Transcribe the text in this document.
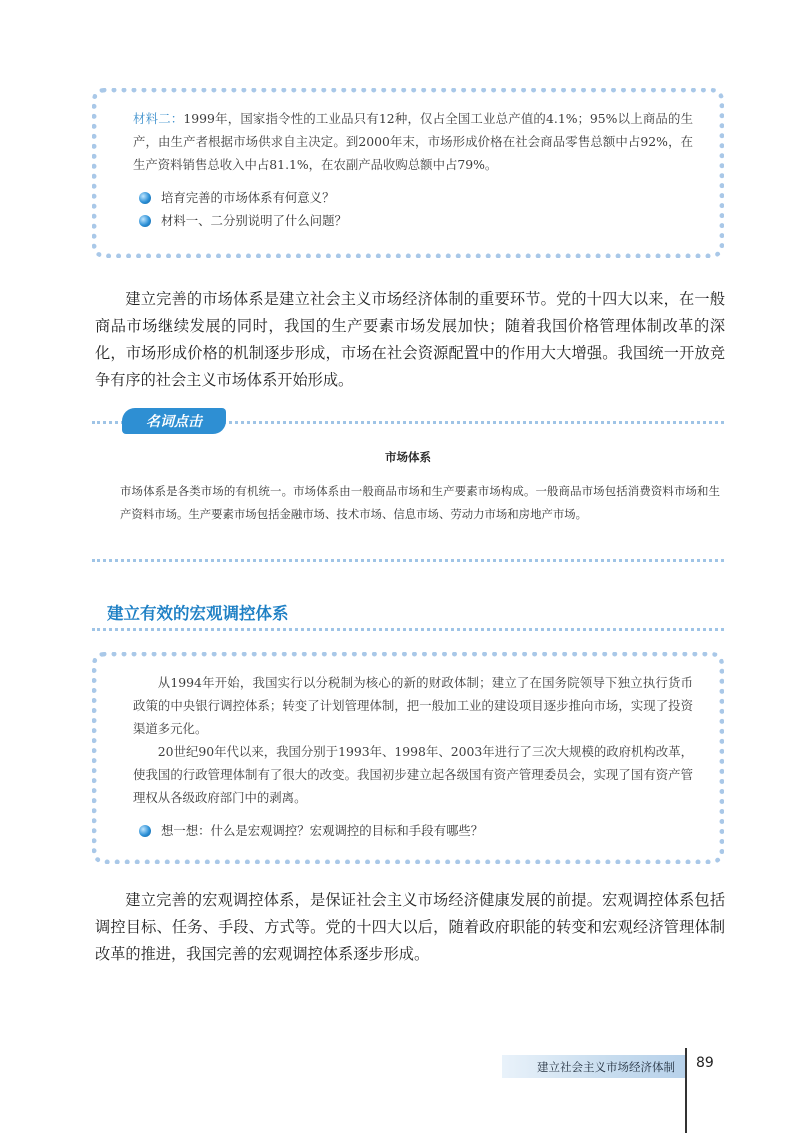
材料二：1999年，国家指令性的工业品只有12种，仅占全国工业总产值的4.1%；95%以上商品的生产，由生产者根据市场供求自主决定。到2000年末，市场形成价格在社会商品零售总额中占92%，在生产资料销售总收入中占81.1%，在农副产品收购总额中占79%。

培育完善的市场体系有何意义？
材料一、二分别说明了什么问题？

建立完善的市场体系是建立社会主义市场经济体制的重要环节。党的十四大以来，在一般商品市场继续发展的同时，我国的生产要素市场发展加快；随着我国价格管理体制改革的深化，市场形成价格的机制逐步形成，市场在社会资源配置中的作用大大增强。我国统一开放竞争有序的社会主义市场体系开始形成。

名词点击
市场体系

市场体系是各类市场的有机统一。市场体系由一般商品市场和生产要素市场构成。一般商品市场包括消费资料市场和生产资料市场。生产要素市场包括金融市场、技术市场、信息市场、劳动力市场和房地产市场。

建立有效的宏观调控体系

从1994年开始，我国实行以分税制为核心的新的财政体制；建立了在国务院领导下独立执行货币政策的中央银行调控体系；转变了计划管理体制，把一般加工业的建设项目逐步推向市场，实现了投资渠道多元化。

20世纪90年代以来，我国分别于1993年、1998年、2003年进行了三次大规模的政府机构改革，使我国的行政管理体制有了很大的改变。我国初步建立起各级国有资产管理委员会，实现了国有资产管理权从各级政府部门中的剥离。

想一想：什么是宏观调控？宏观调控的目标和手段有哪些？

建立完善的宏观调控体系，是保证社会主义市场经济健康发展的前提。宏观调控体系包括调控目标、任务、手段、方式等。党的十四大以后，随着政府职能的转变和宏观经济管理体制改革的推进，我国完善的宏观调控体系逐步形成。

建立社会主义市场经济体制	89
